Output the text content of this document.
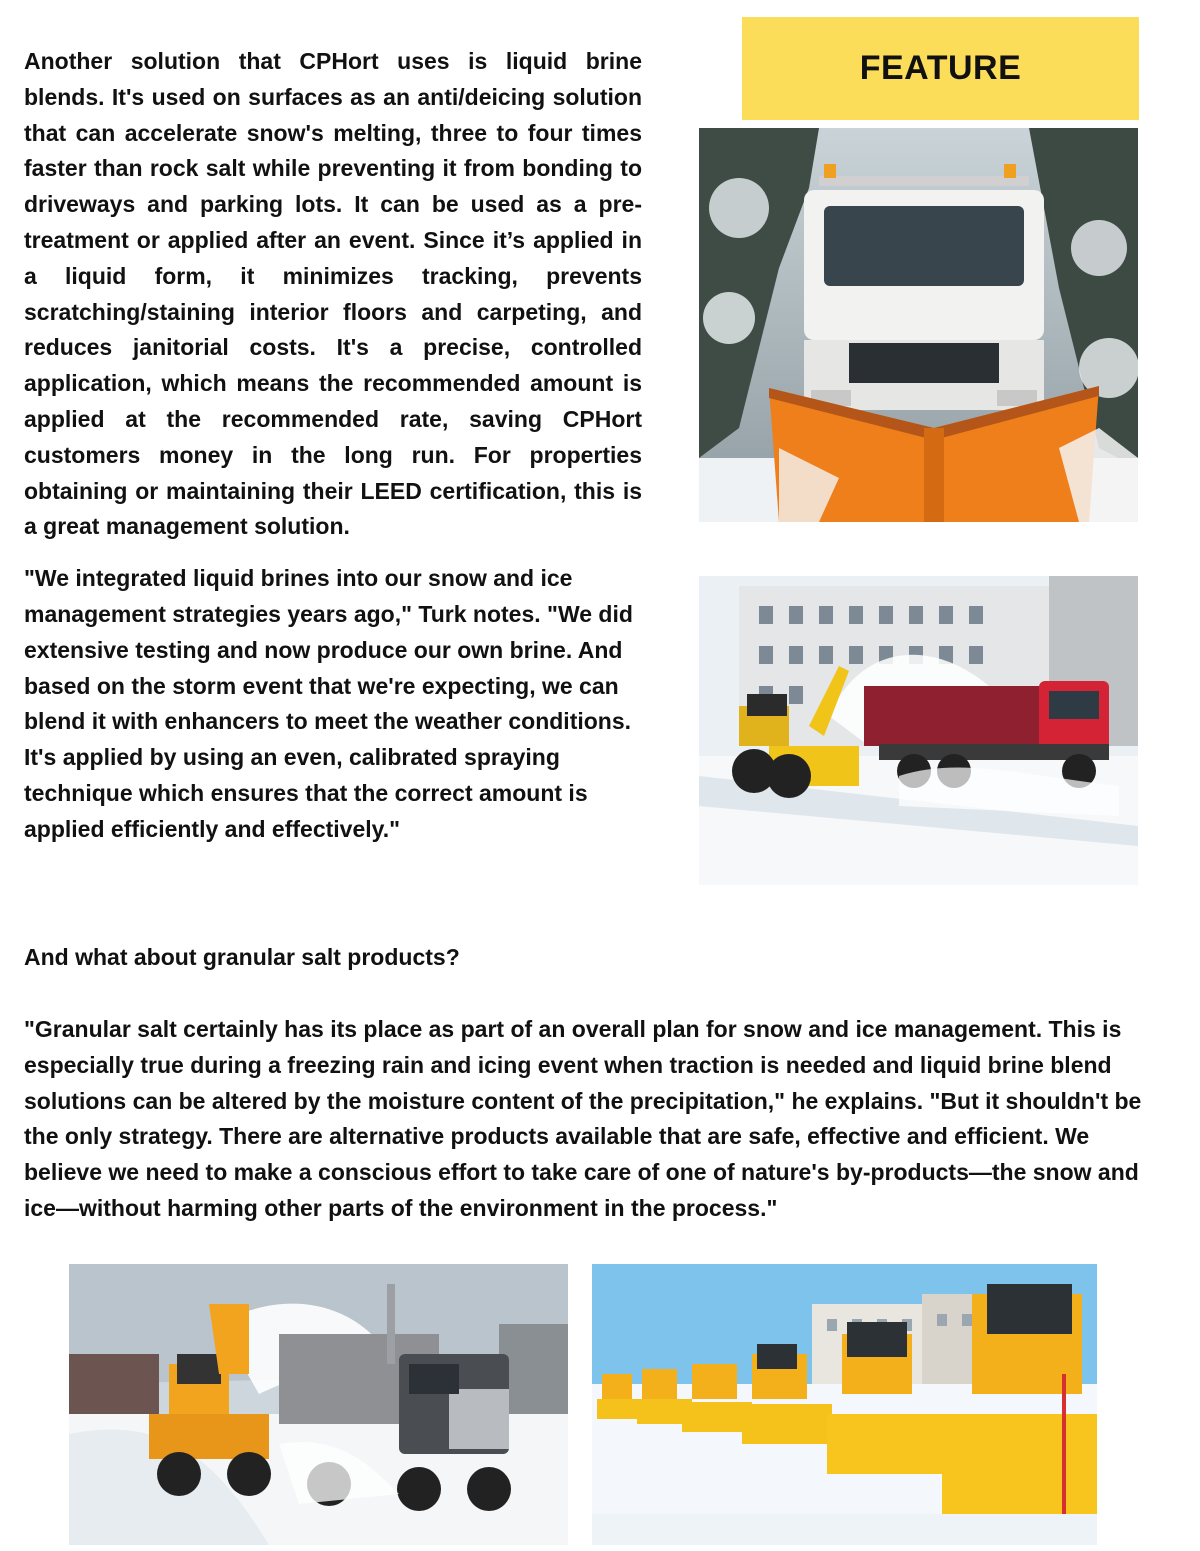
Another solution that CPHort uses is liquid brine blends. It's used on surfaces as an anti/deicing solution that can accelerate snow's melting, three to four times faster than rock salt while preventing it from bonding to driveways and parking lots. It can be used as a pre-treatment or applied after an event. Since it’s applied in a liquid form, it minimizes tracking, prevents scratching/staining interior floors and carpeting, and reduces janitorial costs. It's a precise, controlled application, which means the recommended amount is applied at the recommended rate, saving CPHort customers money in the long run. For properties obtaining or maintaining their LEED certification, this is a great management solution.

"We integrated liquid brines into our snow and ice management strategies years ago," Turk notes. "We did extensive testing and now produce our own brine. And based on the storm event that we're expecting, we can blend it with enhancers to meet the weather conditions. It's applied by using an even, calibrated spraying technique which ensures that the correct amount is applied efficiently and effectively."

FEATURE

And what about granular salt products?

"Granular salt certainly has its place as part of an overall plan for snow and ice management. This is especially true during a freezing rain and icing event when traction is needed and liquid brine blend solutions can be altered by the moisture content of the precipitation," he explains. "But it shouldn't be the only strategy. There are alternative products available that are safe, effective and efficient. We believe we need to make a conscious effort to take care of one of nature's by-products—the snow and ice—without harming other parts of the environment in the process."
